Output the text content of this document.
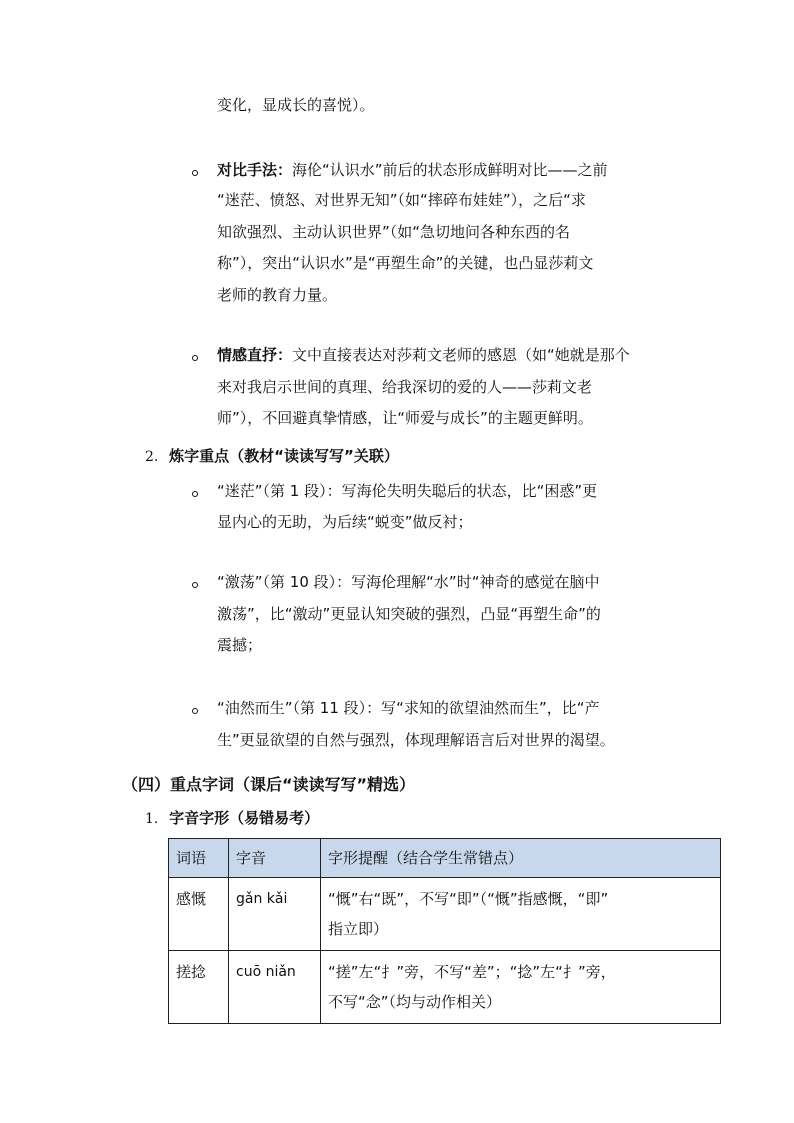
变化，显成长的喜悦）。
对比手法：海伦“认识水”前后的状态形成鲜明对比——之前
“迷茫、愤怒、对世界无知”（如“摔碎布娃娃”），之后“求
知欲强烈、主动认识世界”（如“急切地问各种东西的名
称”），突出“认识水”是“再塑生命”的关键，也凸显莎莉文
老师的教育力量。
情感直抒：文中直接表达对莎莉文老师的感恩（如“她就是那个
来对我启示世间的真理、给我深切的爱的人——莎莉文老
师”），不回避真挚情感，让“师爱与成长”的主题更鲜明。
2. 炼字重点（教材“读读写写”关联）
“迷茫”（第 1 段）：写海伦失明失聪后的状态，比“困惑”更
显内心的无助，为后续“蜕变”做反衬；
“激荡”（第 10 段）：写海伦理解“水”时“神奇的感觉在脑中
激荡”，比“激动”更显认知突破的强烈，凸显“再塑生命”的
震撼；
“油然而生”（第 11 段）：写“求知的欲望油然而生”，比“产
生”更显欲望的自然与强烈，体现理解语言后对世界的渴望。
（四）重点字词（课后“读读写写”精选）
1. 字音字形（易错易考）
词语	字音	字形提醒（结合学生常错点）
感慨	gǎn kǎi	“慨”右“既”，不写“即”（“慨”指感慨，“即”
指立即）

搓捻	cuō niǎn	“搓”左“扌”旁，不写“差”；“捻”左“扌”旁，
不写“念”（均与动作相关）
